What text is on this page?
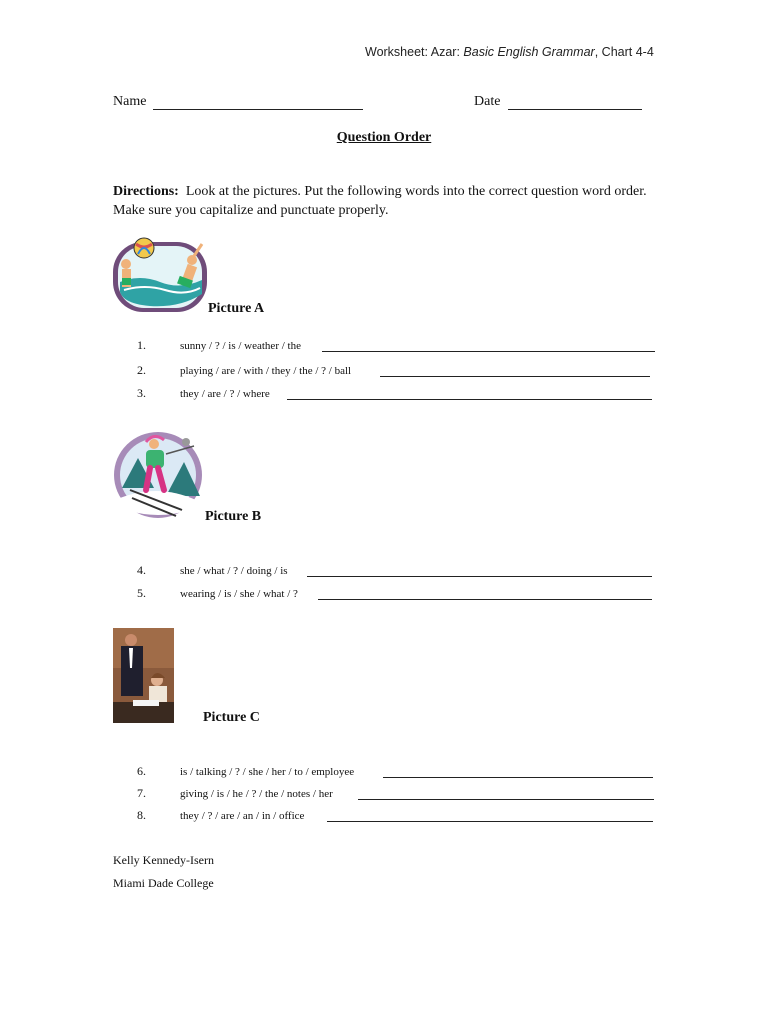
Worksheet: Azar: Basic English Grammar, Chart 4-4
Name	Date
Question Order
Directions: Look at the pictures. Put the following words into the correct question word order. Make sure you capitalize and punctuate properly.
Picture A
1.	sunny / ? / is / weather / the
2.	playing / are / with / they / the / ? / ball
3.	they / are / ? / where
Picture B
4.	she / what / ? / doing / is
5.	wearing / is / she / what / ?
Picture C
6.	is / talking / ? / she / her / to / employee
7.	giving / is / he / ? / the / notes / her
8.	they / ? / are / an / in / office
Kelly Kennedy-Isern
Miami Dade College
